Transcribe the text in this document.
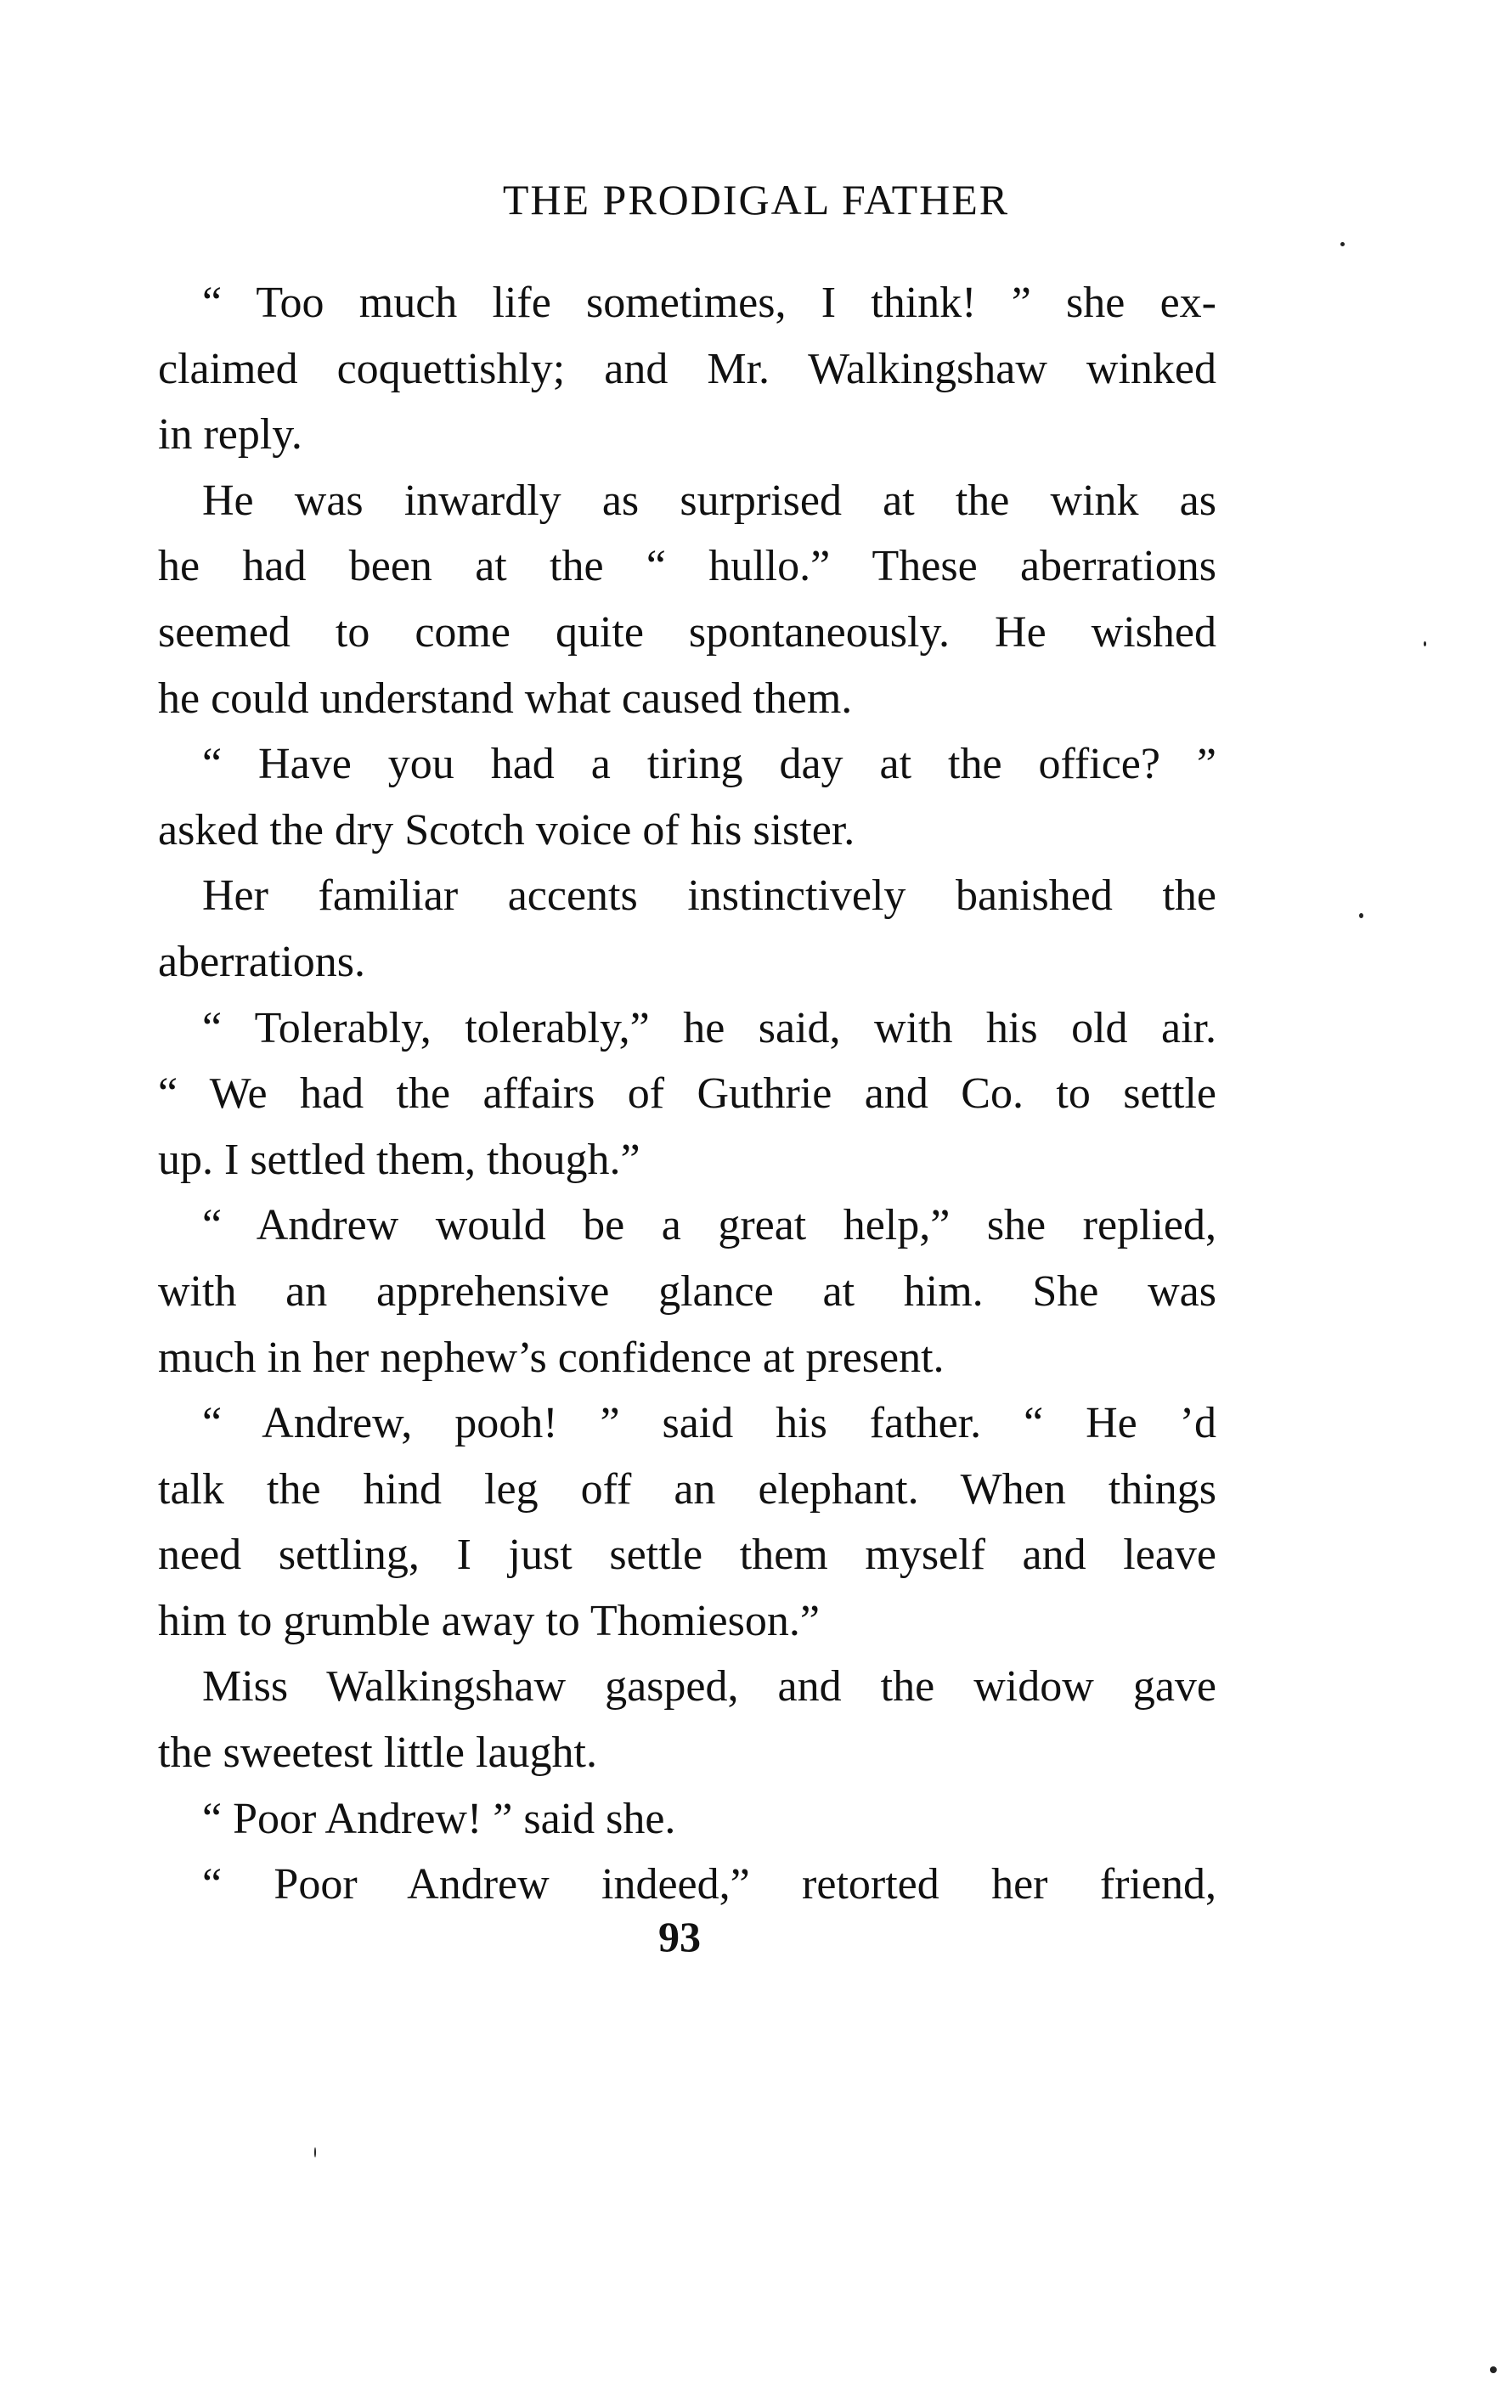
THE PRODIGAL FATHER
“ Too much life sometimes, I think! ” she ex-
claimed coquettishly; and Mr. Walkingshaw winked
in reply.
He was inwardly as surprised at the wink as
he had been at the “ hullo.” These aberrations
seemed to come quite spontaneously. He wished
he could understand what caused them.
“ Have you had a tiring day at the office? ”
asked the dry Scotch voice of his sister.
Her familiar accents instinctively banished the
aberrations.
“ Tolerably, tolerably,” he said, with his old air.
“ We had the affairs of Guthrie and Co. to settle
up. I settled them, though.”
“ Andrew would be a great help,” she replied,
with an apprehensive glance at him. She was
much in her nephew’s confidence at present.
“ Andrew, pooh! ” said his father. “ He ’d
talk the hind leg off an elephant. When things
need settling, I just settle them myself and leave
him to grumble away to Thomieson.”
Miss Walkingshaw gasped, and the widow gave
the sweetest little laught.
“ Poor Andrew! ” said she.
“ Poor Andrew indeed,” retorted her friend,
93
